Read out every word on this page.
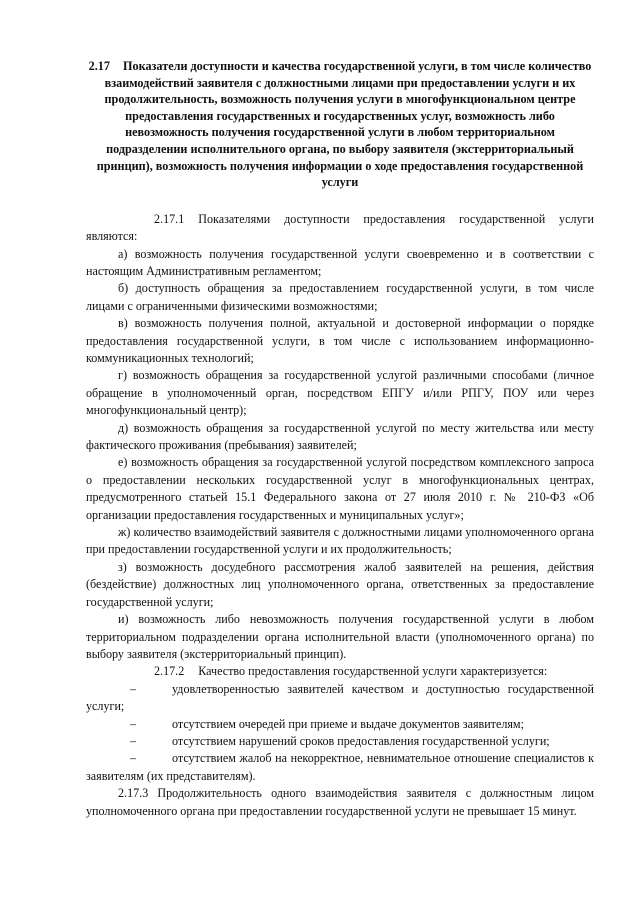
2.17 Показатели доступности и качества государственной услуги, в том числе количество взаимодействий заявителя с должностными лицами при предоставлении услуги и их продолжительность, возможность получения услуги в многофункциональном центре предоставления государственных и государственных услуг, возможность либо невозможность получения государственной услуги в любом территориальном подразделении исполнительного органа, по выбору заявителя (экстерриториальный принцип), возможность получения информации о ходе предоставления государственной услуги

2.17.1 Показателями доступности предоставления государственной услуги являются:

а) возможность получения государственной услуги своевременно и в соответствии с настоящим Административным регламентом;

б) доступность обращения за предоставлением государственной услуги, в том числе лицами с ограниченными физическими возможностями;

в) возможность получения полной, актуальной и достоверной информации о порядке предоставления государственной услуги, в том числе с использованием информационно-коммуникационных технологий;

г) возможность обращения за государственной услугой различными способами (личное обращение в уполномоченный орган, посредством ЕПГУ и/или РПГУ, ПОУ или через многофункциональный центр);

д) возможность обращения за государственной услугой по месту жительства или месту фактического проживания (пребывания) заявителей;

е) возможность обращения за государственной услугой посредством комплексного запроса о предоставлении нескольких государственной услуг в многофункциональных центрах, предусмотренного статьей 15.1 Федерального закона от 27 июля 2010 г. № 210-ФЗ «Об организации предоставления государственных и муниципальных услуг»;

ж) количество взаимодействий заявителя с должностными лицами уполномоченного органа при предоставлении государственной услуги и их продолжительность;

з) возможность досудебного рассмотрения жалоб заявителей на решения, действия (бездействие) должностных лиц уполномоченного органа, ответственных за предоставление государственной услуги;

и) возможность либо невозможность получения государственной услуги в любом территориальном подразделении органа исполнительной власти (уполномоченного органа) по выбору заявителя (экстерриториальный принцип).

2.17.2 Качество предоставления государственной услуги характеризуется:

–	удовлетворенностью заявителей качеством и доступностью государственной услуги;

–	отсутствием очередей при приеме и выдаче документов заявителям;

–	отсутствием нарушений сроков предоставления государственной услуги;

–	отсутствием жалоб на некорректное, невнимательное отношение специалистов к заявителям (их представителям).

2.17.3 Продолжительность одного взаимодействия заявителя с должностным лицом уполномоченного органа при предоставлении государственной услуги не превышает 15 минут.
